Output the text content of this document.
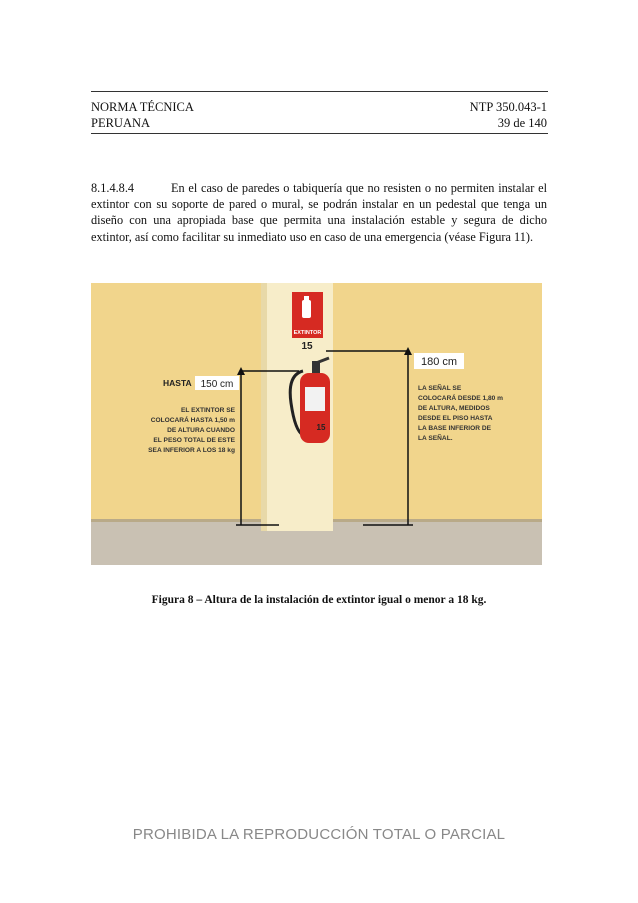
NORMA TÉCNICA
PERUANA
NTP 350.043-1
39 de 140
8.1.4.8.4	En el caso de paredes o tabiquería que no resisten o no permiten instalar el extintor con su soporte de pared o mural, se podrán instalar en un pedestal que tenga un diseño con una apropiada base que permita una instalación estable y segura de dicho extintor, así como facilitar su inmediato uso en caso de una emergencia (véase Figura 11).
EXTINTOR
15
15
HASTA 150 cm
EL EXTINTOR SE
COLOCARÁ HASTA 1,50 m
DE ALTURA CUANDO
EL PESO TOTAL DE ESTE
SEA INFERIOR A LOS 18 kg
180 cm
LA SEÑAL SE
COLOCARÁ DESDE 1,80 m
DE ALTURA, MEDIDOS
DESDE EL PISO HASTA
LA BASE INFERIOR DE
LA SEÑAL.
Figura 8 – Altura de la instalación de extintor igual o menor a 18 kg.
PROHIBIDA LA REPRODUCCIÓN TOTAL O PARCIAL
